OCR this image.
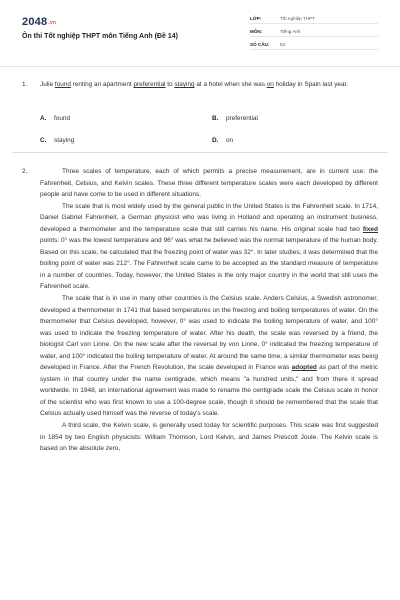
$2048^{.vn}$
Ôn thi Tốt nghiệp THPT môn Tiếng Anh (Đề 14)
LỚP:	Tốt nghiệp THPT
MÔN:	Tiếng Anh
SỐ CÂU:	53
1. Julie found renting an apartment preferential to staying at a hotel when she was on holiday in Spain last year.
A. found	B. preferential
C. staying	D. on
2.	Three scales of temperature, each of which permits a precise measurement, are in current use: the Fahrenheit, Celsius, and Kelvin scales. These three different temperature scales were each developed by different people and have come to be used in different situations.

The scale that is most widely used by the general public in the United States is the Fahrenheit scale. In 1714, Daniel Gabriel Fahrenheit, a German physicist who was living in Holland and operating an instrument business, developed a thermometer and the temperature scale that still carries his name. His original scale had two fixed points: 0° was the lowest temperature and 96° was what he believed was the normal temperature of the human body. Based on this scale, he calculated that the freezing point of water was 32°. In later studies, it was determined that the boiling point of water was 212°. The Fahrenheit scale came to be accepted as the standard measure of temperature in a number of countries. Today, however, the United States is the only major country in the world that still uses the Fahrenheit scale.

The scale that is in use in many other countries is the Celsius scale. Anders Celsius, a Swedish astronomer, developed a thermometer in 1741 that based temperatures on the freezing and boiling temperatures of water. On the thermometer that Celsius developed, however, 0° was used to indicate the boiling temperature of water, and 100° was used to indicate the freezing temperature of water. After his death, the scale was reversed by a friend, the biologist Carl von Linne. On the new scale after the reversal by von Linne, 0° indicated the freezing temperature of water, and 100° indicated the boiling temperature of water. At around the same time, a similar thermometer was being developed in France. After the French Revolution, the scale developed in France was adopted as part of the metric system in that country under the name centigrade, which means "a hundred units," and from there it spread worldwide. In 1948, an international agreement was made to rename the centigrade scale the Celsius scale in honor of the scientist who was first known to use a 100-degree scale, though it should be remembered that the scale that Celsius actually used himself was the reverse of today's scale.

A third scale, the Kelvin scale, is generally used today for scientific purposes. This scale was first suggested in 1854 by two English physicists: William Thomson, Lord Kelvin, and James Prescott Joule. The Kelvin scale is based on the absolute zero,
